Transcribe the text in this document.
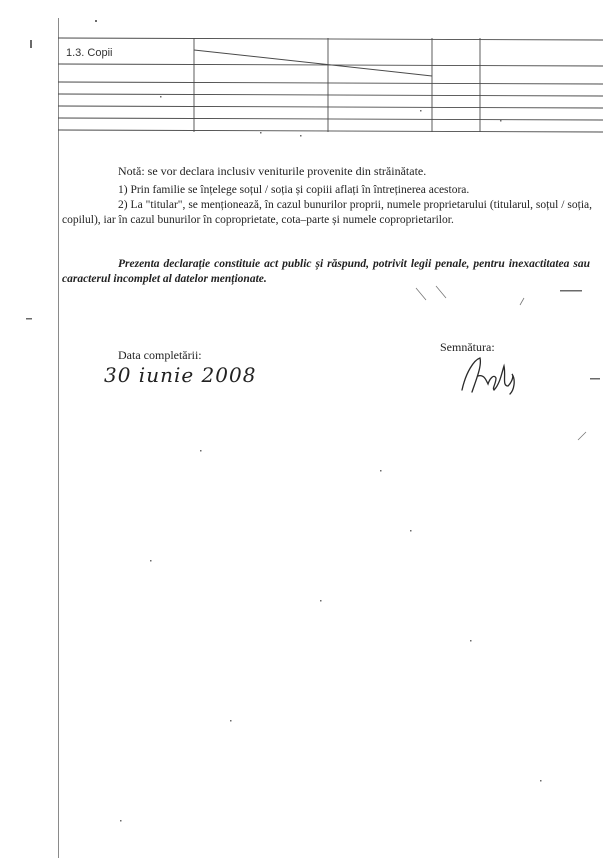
1.3. Copii
Notă: se vor declara inclusiv veniturile provenite din străinătate.
1) Prin familie se înțelege soțul / soția și copiii aflați în întreținerea acestora.
2) La "titular", se menționează, în cazul bunurilor proprii, numele proprietarului (titularul, soțul / soția, copilul), iar în cazul bunurilor în coproprietate, cota–parte și numele coproprietarilor.
Prezenta declarație constituie act public și răspund, potrivit legii penale, pentru inexactitatea sau caracterul incomplet al datelor menționate.
Data completării:
30 iunie 2008
Semnătura:
